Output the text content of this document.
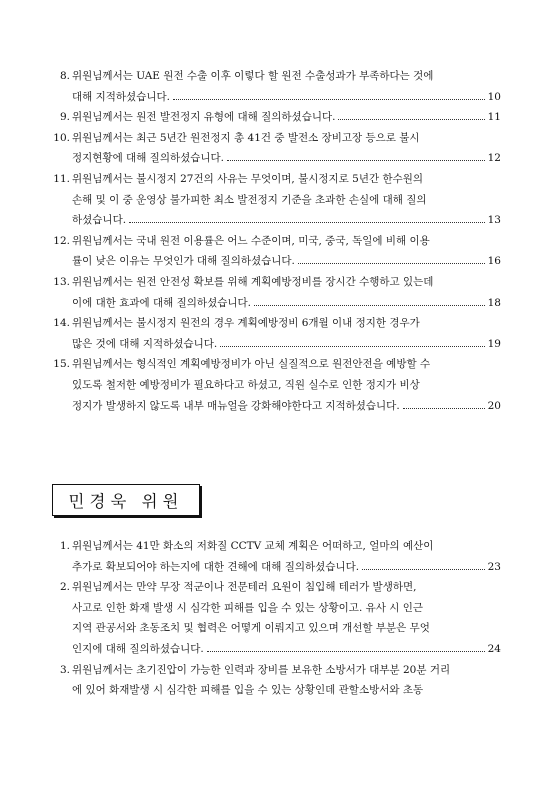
8. 위원님께서는 UAE 원전 수출 이후 이렇다 할 원전 수출성과가 부족하다는 것에
대해 지적하셨습니다.	10
9. 위원님께서는 원전 발전정지 유형에 대해 질의하셨습니다.	11
10. 위원님께서는 최근 5년간 원전정지 총 41건 중 발전소 장비고장 등으로 불시
정지현황에 대해 질의하셨습니다.	12
11. 위원님께서는 불시정지 27건의 사유는 무엇이며, 불시정지로 5년간 한수원의
손해 및 이 중 운영상 불가피한 최소 발전정지 기준을 초과한 손실에 대해 질의
하셨습니다.	13
12. 위원님께서는 국내 원전 이용률은 어느 수준이며, 미국, 중국, 독일에 비해 이용
률이 낮은 이유는 무엇인가 대해 질의하셨습니다.	16
13. 위원님께서는 원전 안전성 확보를 위해 계획예방정비를 장시간 수행하고 있는데
이에 대한 효과에 대해 질의하셨습니다.	18
14. 위원님께서는 불시정지 원전의 경우 계획예방정비 6개월 이내 정지한 경우가
많은 것에 대해 지적하셨습니다.	19
15. 위원님께서는 형식적인 계획예방정비가 아닌 실질적으로 원전안전을 예방할 수
있도록 철저한 예방정비가 필요하다고 하셨고, 직원 실수로 인한 정지가 비상
정지가 발생하지 않도록 내부 매뉴얼을 강화해야한다고 지적하셨습니다.	20
민경욱 위원
1. 위원님께서는 41만 화소의 저화질 CCTV 교체 계획은 어떠하고, 얼마의 예산이
추가로 확보되어야 하는지에 대한 견해에 대해 질의하셨습니다.	23
2. 위원님께서는 만약 무장 적군이나 전문테러 요원이 침입해 테러가 발생하면,
사고로 인한 화재 발생 시 심각한 피해를 입을 수 있는 상황이고. 유사 시 인근
지역 관공서와 초동조치 및 협력은 어떻게 이뤄지고 있으며 개선할 부분은 무엇
인지에 대해 질의하셨습니다.	24
3. 위원님께서는 초기진압이 가능한 인력과 장비를 보유한 소방서가 대부분 20분 거리
에 있어 화재발생 시 심각한 피해를 입을 수 있는 상황인데 관할소방서와 초동
